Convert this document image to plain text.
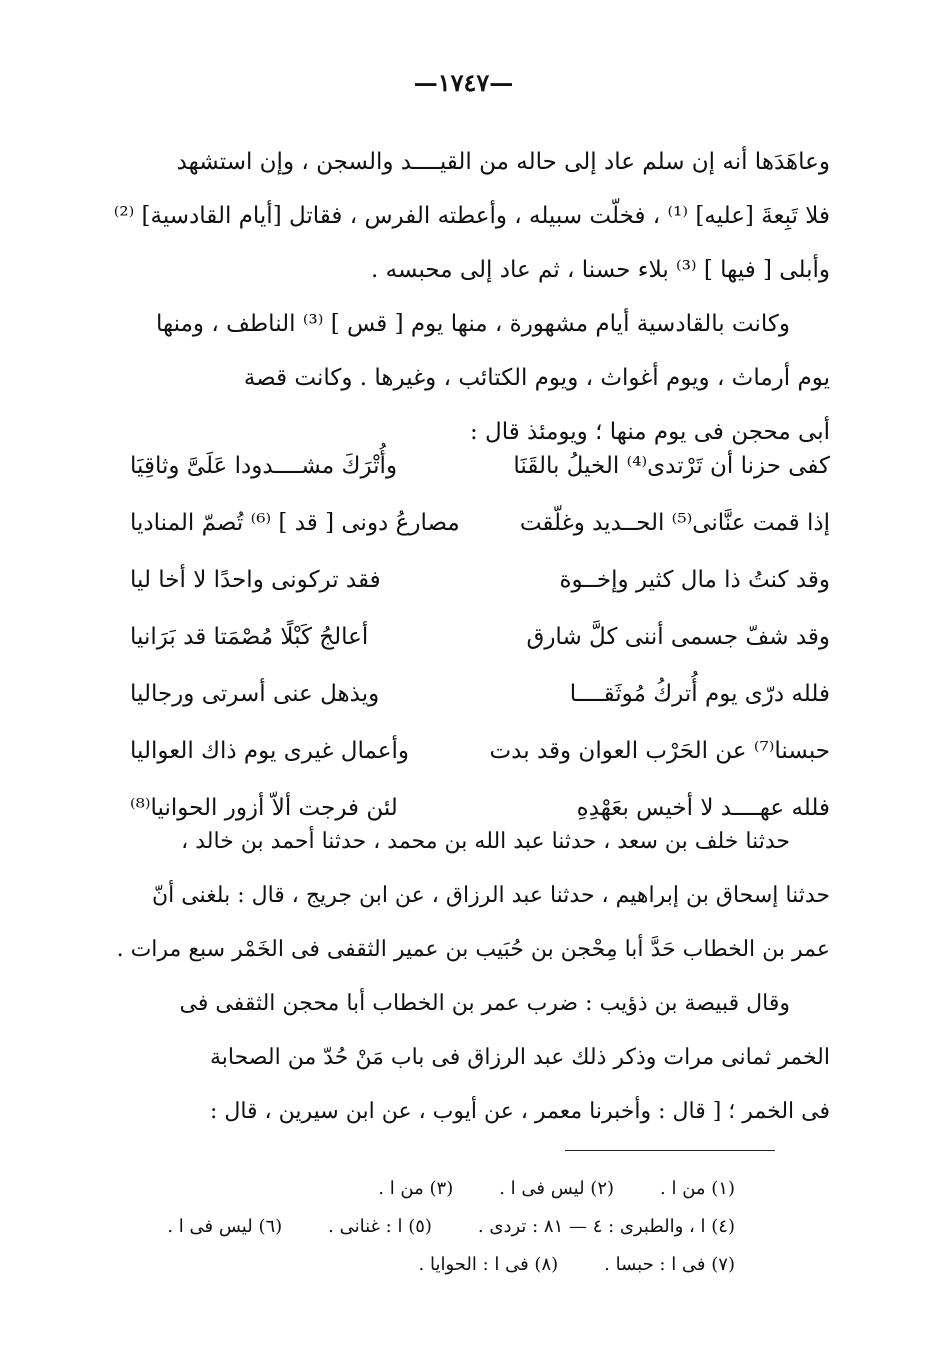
—١٧٤٧—
وعاهَدَها أنه إن سلم عاد إلى حاله من القيــــد والسجن ، وإن استشهد
فلا تَبِعةَ [عليه] ⁽¹⁾ ، فخلّت سبيله ، وأعطته الفرس ، فقاتل [أيام القادسية] ⁽²⁾
وأبلى [ فيها ] ⁽³⁾ بلاء حسنا ، ثم عاد إلى محبسه .
وكانت بالقادسية أيام مشهورة ، منها يوم [ قس ] ⁽³⁾ الناطف ، ومنها
يوم أرماث ، ويوم أغواث ، ويوم الكتائب ، وغيرها . وكانت قصة
أبى محجن فى يوم منها ؛ ويومئذ قال :
كفى حزنا أن تَرْتدى⁽⁴⁾ الخيلُ بالقَنَا
وأُتْرَكَ مشــــدودا عَلَىَّ وثاقِيَا
إذا قمت عنَّانى⁽⁵⁾ الحــديد وغلّقت
مصارعُ دونى [ قد ] ⁽⁶⁾ تُصمّ المناديا
وقد كنتُ ذا مال كثير وإخــوة
فقد تركونى واحدًا لا أخا ليا
وقد شفّ جسمى أننى كلَّ شارق
أعالجُ كَبْلًا مُصْمَتا قد بَرَانيا
فلله درّى يوم أُتركُ مُوثَقــــا
ويذهل عنى أسرتى ورجاليا
حبسنا⁽⁷⁾ عن الحَرْب العوان وقد بدت
وأعمال غيرى يوم ذاك العواليا
فلله عهــــد لا أخيس بعَهْدِهِ
لئن فرجت ألاّ أزور الحوانيا⁽⁸⁾
حدثنا خلف بن سعد ، حدثنا عبد الله بن محمد ، حدثنا أحمد بن خالد ،
حدثنا إسحاق بن إبراهيم ، حدثنا عبد الرزاق ، عن ابن جريج ، قال : بلغنى أنّ
عمر بن الخطاب حَدَّ أبا مِحْجن بن حُبَيب بن عمير الثقفى فى الخَمْر سبع مرات .
وقال قبيصة بن ذؤيب : ضرب عمر بن الخطاب أبا محجن الثقفى فى
الخمر ثمانى مرات وذكر ذلك عبد الرزاق فى باب مَنْ حُدّ من الصحابة
فى الخمر ؛ [ قال : وأخبرنا معمر ، عن أيوب ، عن ابن سيرين ، قال :
(١) من ا .
(٢) ليس فى ا .
(٣) من ا .
(٤) ا ، والطبرى : ٤ — ٨١ : تردى .
(٥) ا : غنانى .
(٦) ليس فى ا .
(٧) فى ا : حبسا .
(٨) فى ا : الحوايا .
